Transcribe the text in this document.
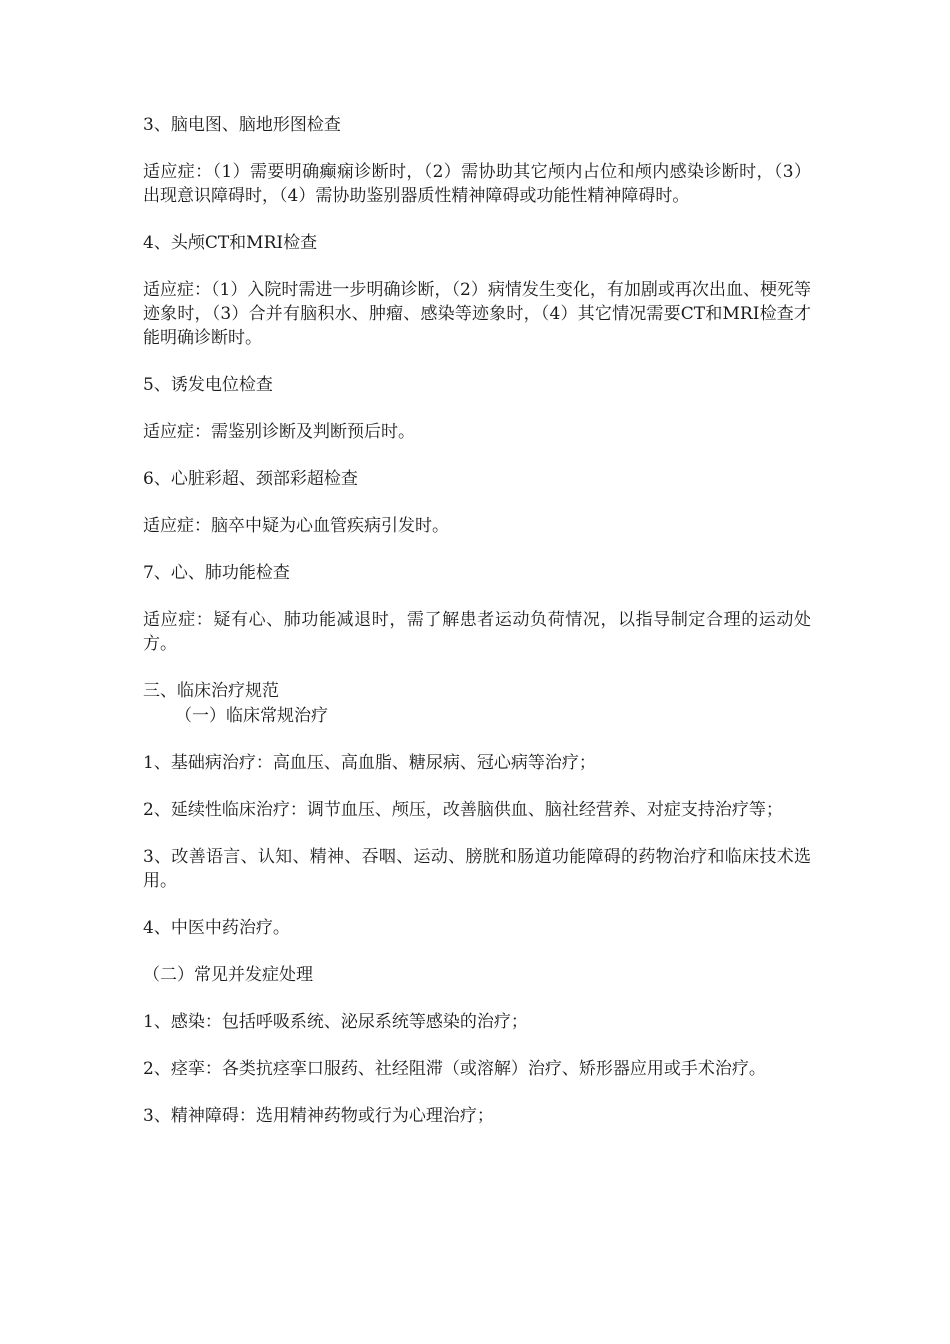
3、脑电图、脑地形图检查

适应症：（1）需要明确癫痫诊断时，（2）需协助其它颅内占位和颅内感染诊断时，（3）出现意识障碍时，（4）需协助鉴别器质性精神障碍或功能性精神障碍时。

4、头颅CT和MRI检查

适应症：（1）入院时需进一步明确诊断，（2）病情发生变化，有加剧或再次出血、梗死等迹象时，（3）合并有脑积水、肿瘤、感染等迹象时，（4）其它情况需要CT和MRI检查才能明确诊断时。

5、诱发电位检查

适应症：需鉴别诊断及判断预后时。

6、心脏彩超、颈部彩超检查

适应症：脑卒中疑为心血管疾病引发时。

7、心、肺功能检查

适应症：疑有心、肺功能减退时，需了解患者运动负荷情况，以指导制定合理的运动处方。

三、临床治疗规范

（一）临床常规治疗

1、基础病治疗：高血压、高血脂、糖尿病、冠心病等治疗；

2、延续性临床治疗：调节血压、颅压，改善脑供血、脑社经营养、对症支持治疗等；

3、改善语言、认知、精神、吞咽、运动、膀胱和肠道功能障碍的药物治疗和临床技术选用。

4、中医中药治疗。

（二）常见并发症处理

1、感染：包括呼吸系统、泌尿系统等感染的治疗；

2、痉挛：各类抗痉挛口服药、社经阻滞（或溶解）治疗、矫形器应用或手术治疗。

3、精神障碍：选用精神药物或行为心理治疗；
